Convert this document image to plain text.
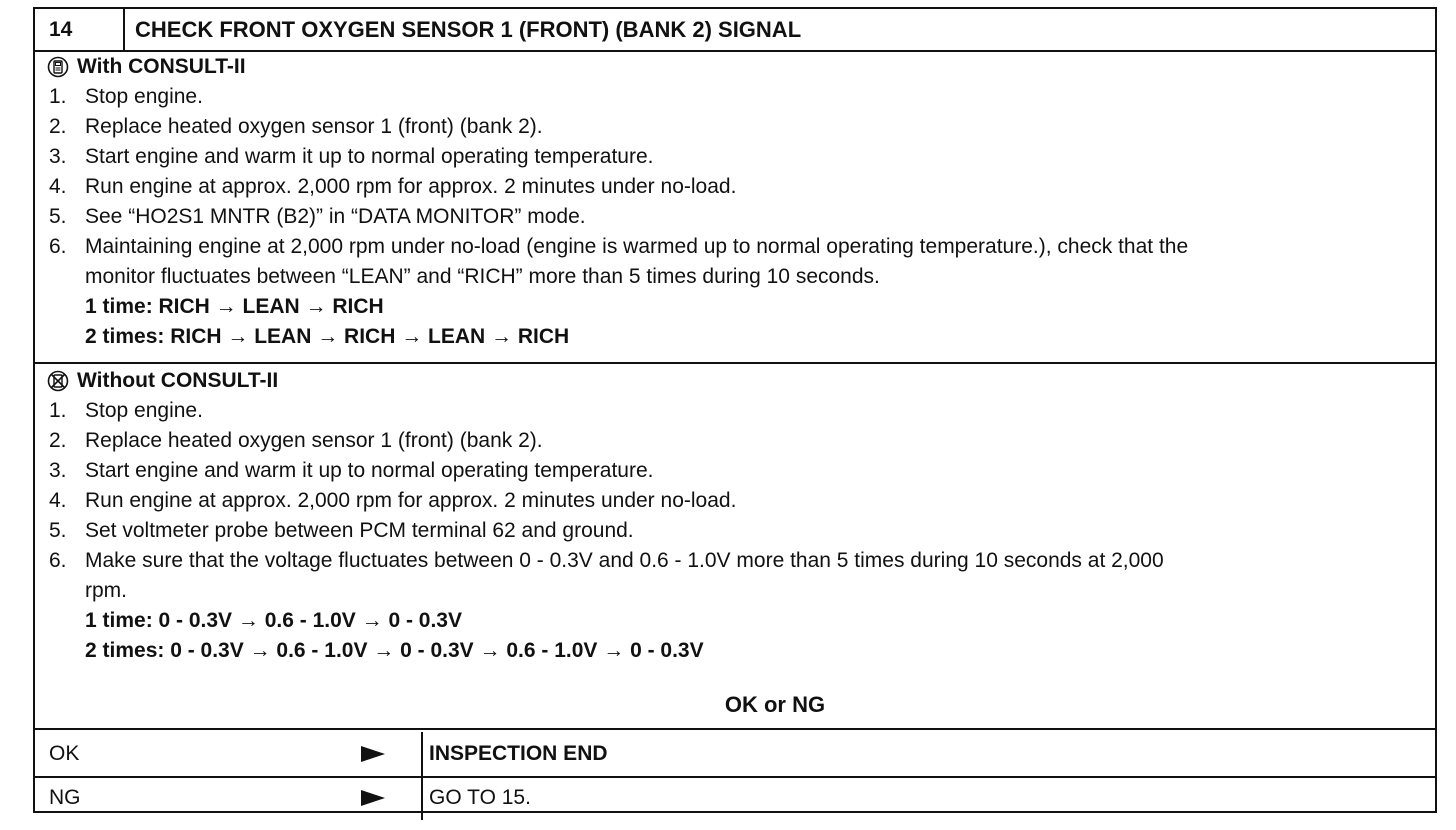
14	CHECK FRONT OXYGEN SENSOR 1 (FRONT) (BANK 2) SIGNAL
With CONSULT-II
1. Stop engine.
2. Replace heated oxygen sensor 1 (front) (bank 2).
3. Start engine and warm it up to normal operating temperature.
4. Run engine at approx. 2,000 rpm for approx. 2 minutes under no-load.
5. See “HO2S1 MNTR (B2)” in “DATA MONITOR” mode.
6. Maintaining engine at 2,000 rpm under no-load (engine is warmed up to normal operating temperature.), check that the
monitor fluctuates between “LEAN” and “RICH” more than 5 times during 10 seconds.
1 time: RICH → LEAN → RICH
2 times: RICH → LEAN → RICH → LEAN → RICH
Without CONSULT-II
1. Stop engine.
2. Replace heated oxygen sensor 1 (front) (bank 2).
3. Start engine and warm it up to normal operating temperature.
4. Run engine at approx. 2,000 rpm for approx. 2 minutes under no-load.
5. Set voltmeter probe between PCM terminal 62 and ground.
6. Make sure that the voltage fluctuates between 0 - 0.3V and 0.6 - 1.0V more than 5 times during 10 seconds at 2,000
rpm.
1 time: 0 - 0.3V → 0.6 - 1.0V → 0 - 0.3V
2 times: 0 - 0.3V → 0.6 - 1.0V → 0 - 0.3V → 0.6 - 1.0V → 0 - 0.3V
OK or NG
OK	INSPECTION END
NG	GO TO 15.
